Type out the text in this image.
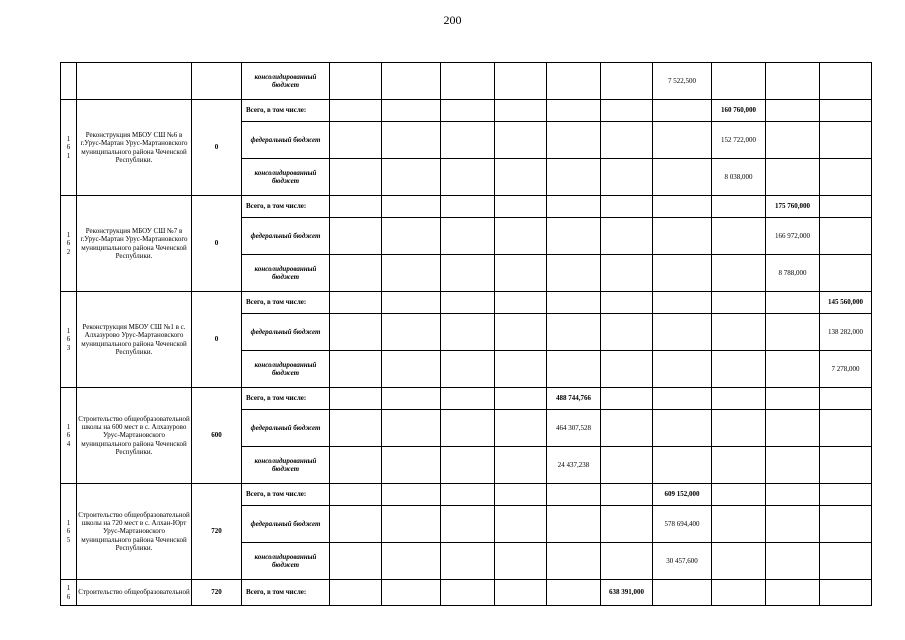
200
			консолидированный бюджет							7 522,500			

1
6
1	Реконструкция МБОУ СШ №6 в г.Урус-Мартан Урус-Мартановского муниципального района Чеченской Республики.	0	Всего, в том числе:								160 760,000		
			федеральный бюджет								152 722,000		
			консолидированный бюджет								8 038,000		

1
6
2	Реконструкция МБОУ СШ №7 в г.Урус-Мартан Урус-Мартановского муниципального района Чеченской Республики.	0	Всего, в том числе:									175 760,000	
			федеральный бюджет									166 972,000	
			консолидированный бюджет									8 788,000	

1
6
3	Реконструкция МБОУ СШ №1 в с. Алхазурово Урус-Мартановского муниципального района Чеченской Республики.	0	Всего, в том числе:										145 560,000
			федеральный бюджет										138 282,000
			консолидированный бюджет										7 278,000

1
6
4	Строительство общеобразовательной школы на 600 мест в с. Алхазурово Урус-Мартановского муниципального района Чеченской Республики.	600	Всего, в том числе:					488 744,766					
			федеральный бюджет					464 307,528					
			консолидированный бюджет					24 437,238					

1
6
5	Строительство общеобразовательной школы на 720 мест в с. Алхан-Юрт Урус-Мартановского муниципального района Чеченской Республики.	720	Всего, в том числе:							609 152,000			
			федеральный бюджет							578 694,400			
			консолидированный бюджет							30 457,600			

1
6	Строительство общеобразовательной	720	Всего, в том числе:						638 391,000				
